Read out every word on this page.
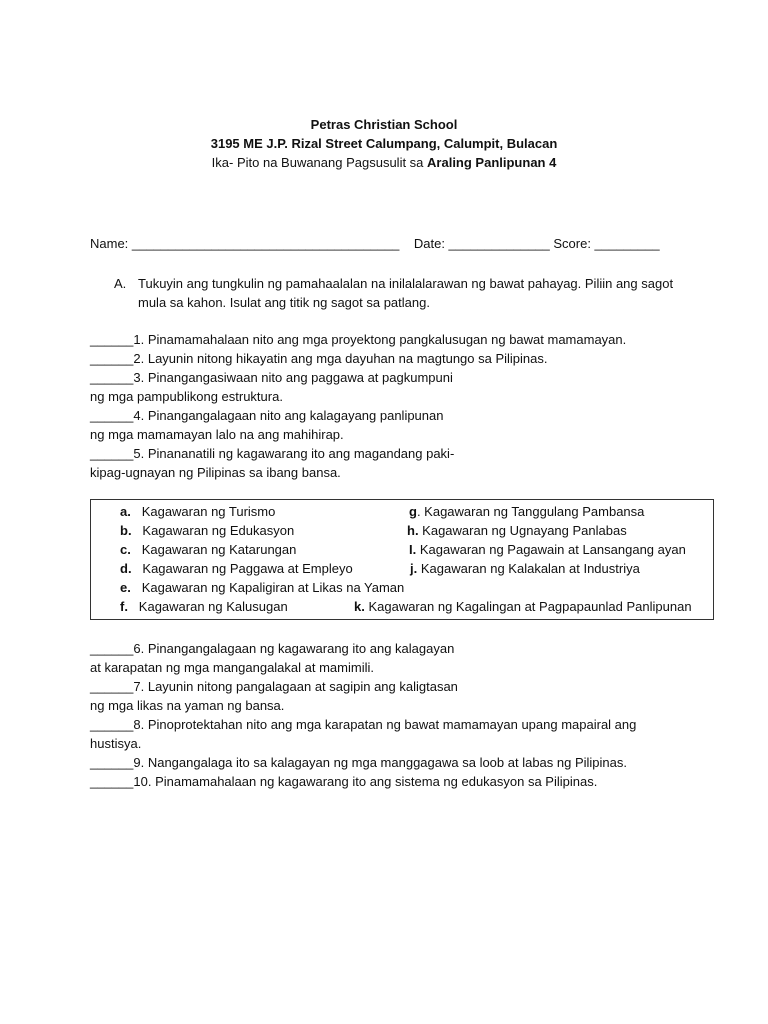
Petras Christian School
3195 ME J.P. Rizal Street Calumpang, Calumpit, Bulacan
Ika- Pito na Buwanang Pagsusulit sa Araling Panlipunan 4
Name: _____________________________________    Date: ______________ Score: _________
A. Tukuyin ang tungkulin ng pamahaalalan na inilalalarawan ng bawat pahayag. Piliin ang sagot mula sa kahon. Isulat ang titik ng sagot sa patlang.
______1. Pinamamahalaan nito ang mga proyektong pangkalusugan ng bawat mamamayan.
______2. Layunin nitong hikayatin ang mga dayuhan na magtungo sa Pilipinas.
______3. Pinangangasiwaan nito ang paggawa at pagkumpuni
ng mga pampublikong estruktura.
______4. Pinangangalagaan nito ang kalagayang panlipunan
ng mga mamamayan lalo na ang mahihirap.
______5. Pinananatili ng kagawarang ito ang magandang paki-
kipag-ugnayan ng Pilipinas sa ibang bansa.
a. Kagawaran ng Turismo
b. Kagawaran ng Edukasyon
c. Kagawaran ng Katarungan
d. Kagawaran ng Paggawa at Empleyo
e. Kagawaran ng Kapaligiran at Likas na Yaman
f. Kagawaran ng Kalusugan
g. Kagawaran ng Tanggulang Pambansa
h. Kagawaran ng Ugnayang Panlabas
I. Kagawaran ng Pagawain at Lansangang ayan
j. Kagawaran ng Kalakalan at Industriya
k. Kagawaran ng Kagalingan at Pagpapaunlad Panlipunan
______6. Pinangangalagaan ng kagawarang ito ang kalagayan
at karapatan ng mga mangangalakal at mamimili.
______7. Layunin nitong pangalagaan at sagipin ang kaligtasan
ng mga likas na yaman ng bansa.
______8. Pinoprotektahan nito ang mga karapatan ng bawat mamamayan upang mapairal ang
hustisya.
______9. Nangangalaga ito sa kalagayan ng mga manggagawa sa loob at labas ng Pilipinas.
______10. Pinamamahalaan ng kagawarang ito ang sistema ng edukasyon sa Pilipinas.
